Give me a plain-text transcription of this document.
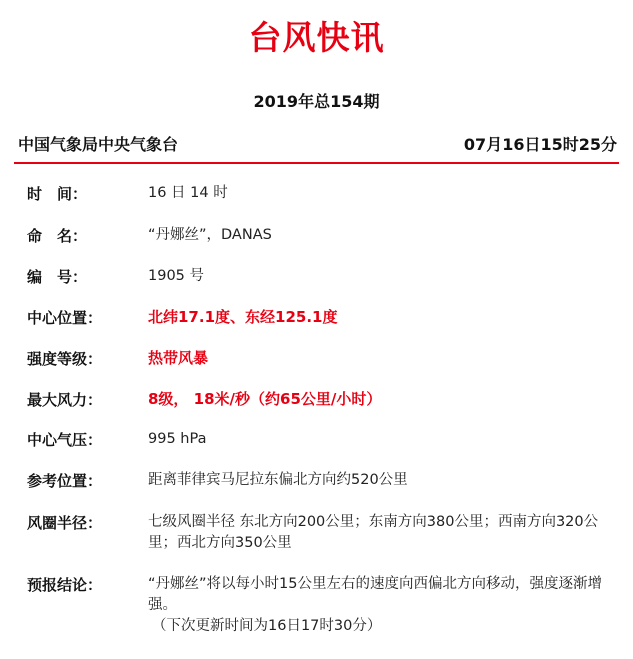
台风快讯
2019年总154期
中国气象局中央气象台	07月16日15时25分
时　间：	16 日 14 时
命　名：	“丹娜丝”，DANAS
编　号：	1905 号
中心位置：	北纬17.1度、东经125.1度
强度等级：	热带风暴
最大风力：	8级， 18米/秒（约65公里/小时）
中心气压：	995 hPa
参考位置：	距离菲律宾马尼拉东偏北方向约520公里
风圈半径：	七级风圈半径 东北方向200公里；东南方向380公里；西南方向320公里；西北方向350公里
预报结论：	“丹娜丝”将以每小时15公里左右的速度向西偏北方向移动，强度逐渐增强。
（下次更新时间为16日17时30分）
